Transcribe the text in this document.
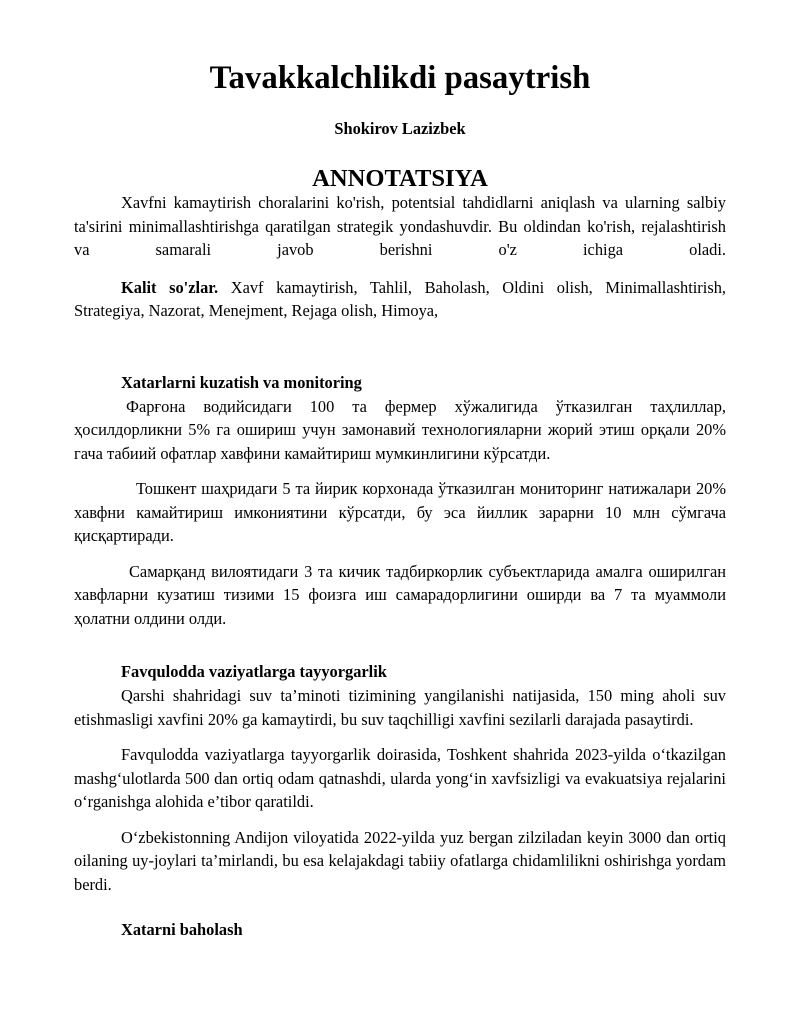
Tavakkalchlikdi pasaytrish
Shokirov Lazizbek
ANNOTATSIYA

Xavfni kamaytirish choralarini ko'rish, potentsial tahdidlarni aniqlash va ularning salbiy ta'sirini minimallashtirishga qaratilgan strategik yondashuvdir. Bu oldindan ko'rish, rejalashtirish va samarali javob berishni o'z ichiga oladi.

Kalit so'zlar. Xavf kamaytirish, Tahlil, Baholash, Oldini olish, Minimallashtirish, Strategiya, Nazorat, Menejment, Rejaga olish, Himoya,

Xatarlarni kuzatish va monitoring

Фарғона водийсидаги 100 та фермер хўжалигида ўтказилган таҳлиллар, ҳосилдорликни 5% га ошириш учун замонавий технологияларни жорий этиш орқали 20% гача табиий офатлар хавфини камайтириш мумкинлигини кўрсатди.

Тошкент шаҳридаги 5 та йирик корхонада ўтказилган мониторинг натижалари 20% хавфни камайтириш имкониятини кўрсатди, бу эса йиллик зарарни 10 млн сўмгача қисқартиради.

Самарқанд вилоятидаги 3 та кичик тадбиркорлик субъектларида амалга оширилган хавфларни кузатиш тизими 15 фоизга иш самарадорлигини оширди ва 7 та муаммоли ҳолатни олдини олди.

Favqulodda vaziyatlarga tayyorgarlik

Qarshi shahridagi suv ta’minoti tizimining yangilanishi natijasida, 150 ming aholi suv etishmasligi xavfini 20% ga kamaytirdi, bu suv taqchilligi xavfini sezilarli darajada pasaytirdi.

Favqulodda vaziyatlarga tayyorgarlik doirasida, Toshkent shahrida 2023-yilda o‘tkazilgan mashg‘ulotlarda 500 dan ortiq odam qatnashdi, ularda yong‘in xavfsizligi va evakuatsiya rejalarini o‘rganishga alohida e’tibor qaratildi.

O‘zbekistonning Andijon viloyatida 2022-yilda yuz bergan zilziladan keyin 3000 dan ortiq oilaning uy-joylari ta’mirlandi, bu esa kelajakdagi tabiiy ofatlarga chidamlilikni oshirishga yordam berdi.

Xatarni baholash
